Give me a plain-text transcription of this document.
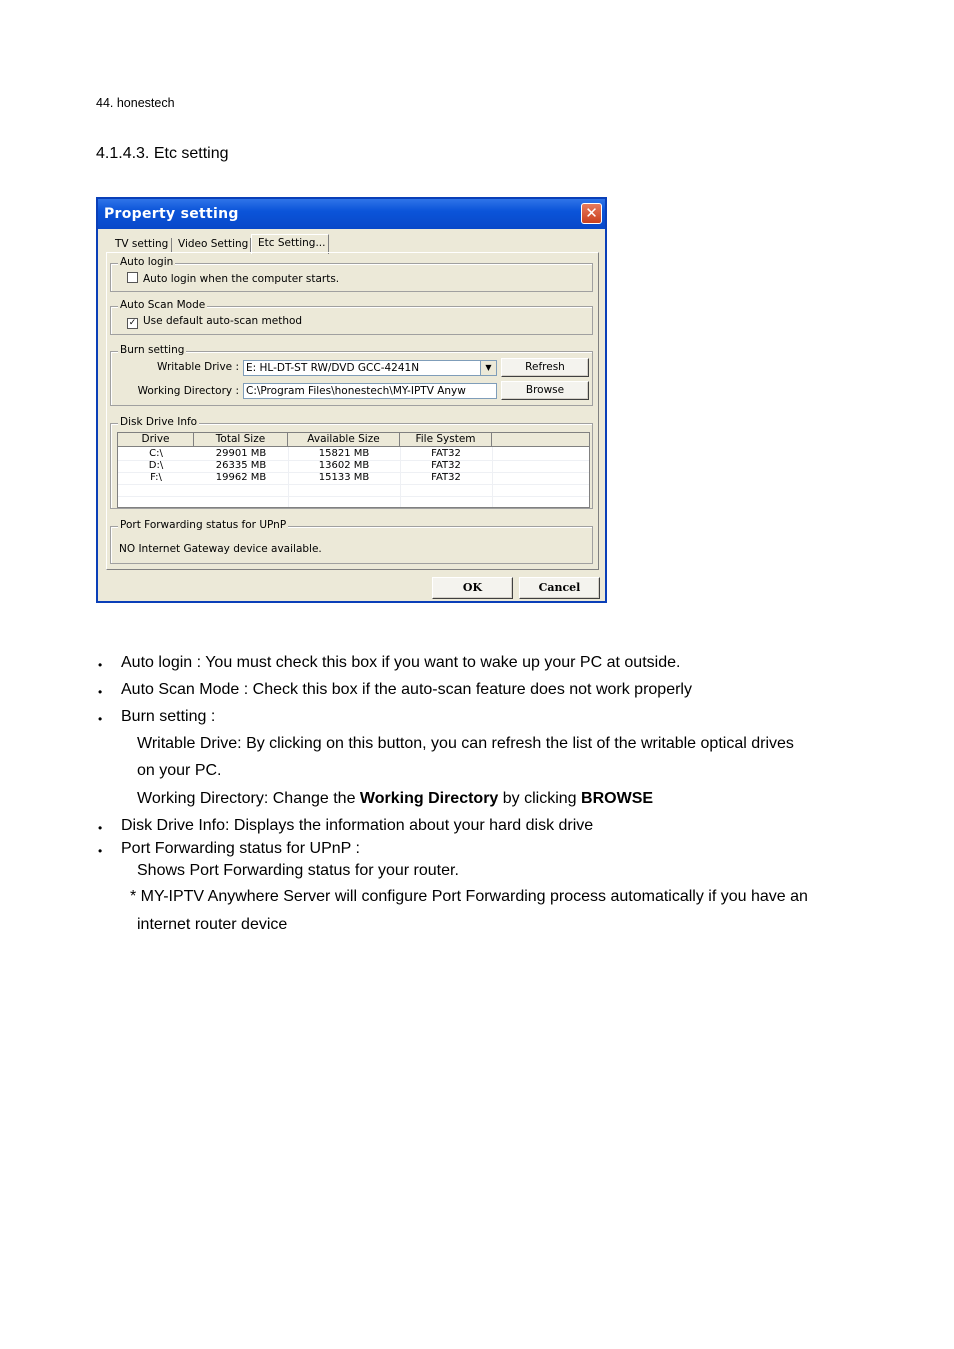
44. honestech
4.1.4.3. Etc setting
Property setting	✕
TV setting Video Setting Etc Setting...
Auto login
Auto login when the computer starts.
Auto Scan Mode
✓ Use default auto-scan method
Burn setting
Writable Drive : E: HL-DT-ST RW/DVD GCC-4241N	▼	Refresh
Working Directory : C:\Program Files\honestech\MY-IPTV Anyw	Browse
Disk Drive Info
Drive	Total Size	Available Size	File System
C:\	29901 MB	15821 MB	FAT32
D:\	26335 MB	13602 MB	FAT32
F:\	19962 MB	15133 MB	FAT32
Port Forwarding status for UPnP
NO Internet Gateway device available.
OK	Cancel
• Auto login : You must check this box if you want to wake up your PC at outside.
• Auto Scan Mode : Check this box if the auto-scan feature does not work properly
• Burn setting :
Writable Drive: By clicking on this button, you can refresh the list of the writable optical drives
on your PC.
Working Directory: Change the Working Directory by clicking BROWSE
• Disk Drive Info: Displays the information about your hard disk drive
• Port Forwarding status for UPnP :
Shows Port Forwarding status for your router.
* MY-IPTV Anywhere Server will configure Port Forwarding process automatically if you have an
internet router device
